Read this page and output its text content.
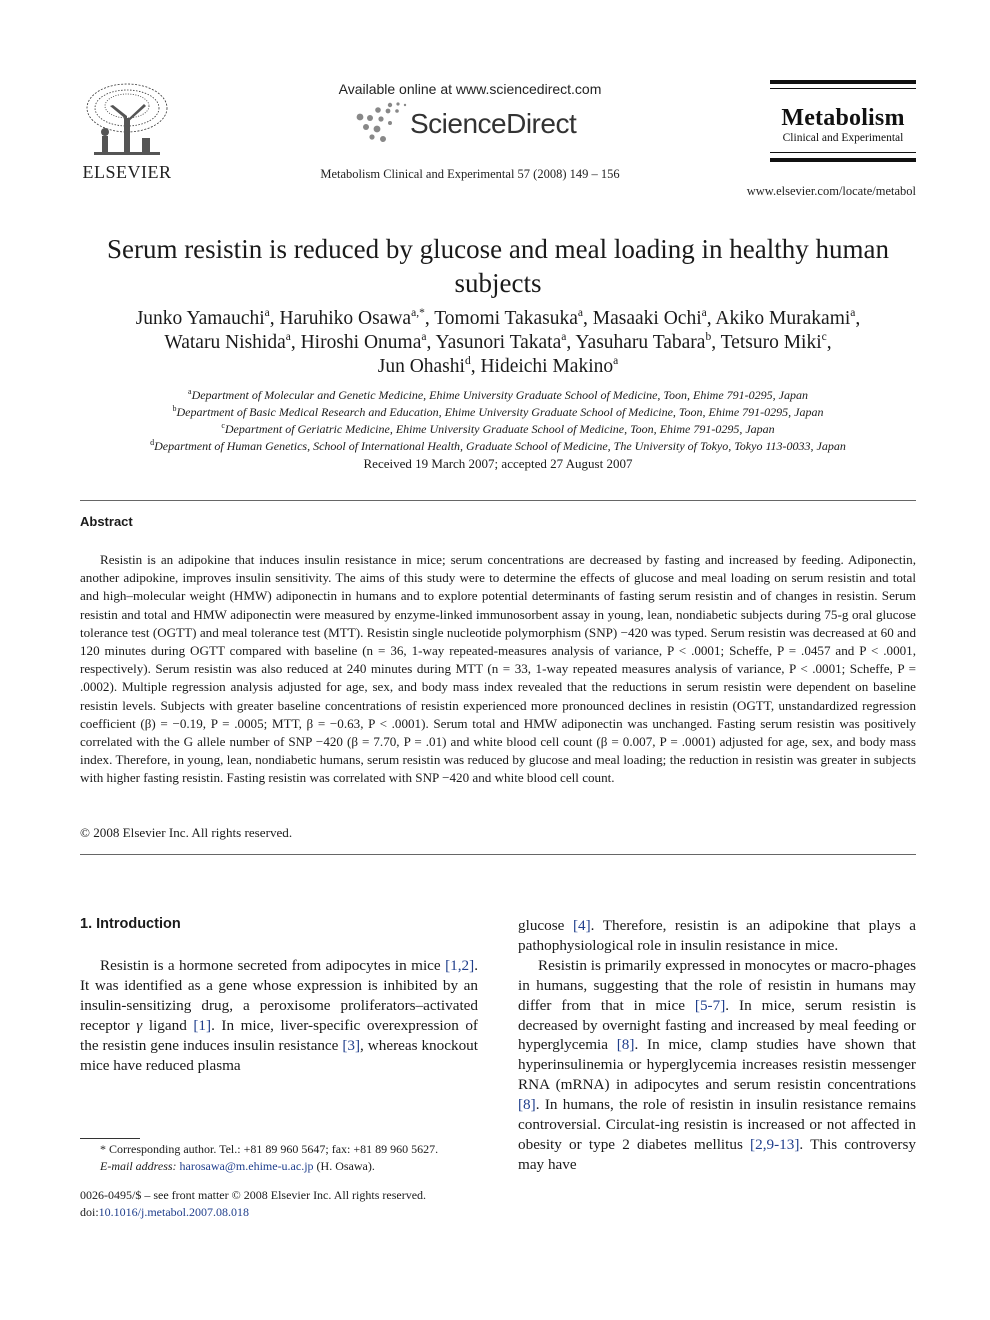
ELSEVIER
Available online at www.sciencedirect.com
ScienceDirect
Metabolism Clinical and Experimental 57 (2008) 149 – 156
Metabolism
Clinical and Experimental
www.elsevier.com/locate/metabol
Serum resistin is reduced by glucose and meal loading in healthy human
subjects
Junko Yamauchi$^a$, Haruhiko Osawa$^{a,*}$, Tomomi Takasuka$^a$, Masaaki Ochi$^a$, Akiko Murakami$^a$,
Wataru Nishida$^a$, Hiroshi Onuma$^a$, Yasunori Takata$^a$, Yasuharu Tabara$^b$, Tetsuro Miki$^c$,
Jun Ohashi$^d$, Hideichi Makino$^a$
$^a$Department of Molecular and Genetic Medicine, Ehime University Graduate School of Medicine, Toon, Ehime 791-0295, Japan
$^b$Department of Basic Medical Research and Education, Ehime University Graduate School of Medicine, Toon, Ehime 791-0295, Japan
$^c$Department of Geriatric Medicine, Ehime University Graduate School of Medicine, Toon, Ehime 791-0295, Japan
$^d$Department of Human Genetics, School of International Health, Graduate School of Medicine, The University of Tokyo, Tokyo 113-0033, Japan
Received 19 March 2007; accepted 27 August 2007
Abstract

Resistin is an adipokine that induces insulin resistance in mice; serum concentrations are decreased by fasting and increased by feeding. Adiponectin, another adipokine, improves insulin sensitivity. The aims of this study were to determine the effects of glucose and meal loading on serum resistin and total and high–molecular weight (HMW) adiponectin in humans and to explore potential determinants of fasting serum resistin and of changes in resistin. Serum resistin and total and HMW adiponectin were measured by enzyme-linked immunosorbent assay in young, lean, nondiabetic subjects during 75-g oral glucose tolerance test (OGTT) and meal tolerance test (MTT). Resistin single nucleotide polymorphism (SNP) −420 was typed. Serum resistin was decreased at 60 and 120 minutes during OGTT compared with baseline (n = 36, 1-way repeated-measures analysis of variance, P < .0001; Scheffe, P = .0457 and P < .0001, respectively). Serum resistin was also reduced at 240 minutes during MTT (n = 33, 1-way repeated measures analysis of variance, P < .0001; Scheffe, P = .0002). Multiple regression analysis adjusted for age, sex, and body mass index revealed that the reductions in serum resistin were dependent on baseline resistin levels. Subjects with greater baseline concentrations of resistin experienced more pronounced declines in resistin (OGTT, unstandardized regression coefficient (β) = −0.19, P = .0005; MTT, β = −0.63, P < .0001). Serum total and HMW adiponectin was unchanged. Fasting serum resistin was positively correlated with the G allele number of SNP −420 (β = 7.70, P = .01) and white blood cell count (β = 0.007, P = .0001) adjusted for age, sex, and body mass index. Therefore, in young, lean, nondiabetic humans, serum resistin was reduced by glucose and meal loading; the reduction in resistin was greater in subjects with higher fasting resistin. Fasting resistin was correlated with SNP −420 and white blood cell count.

© 2008 Elsevier Inc. All rights reserved.
1. Introduction

Resistin is a hormone secreted from adipocytes in mice [1,2]. It was identified as a gene whose expression is inhibited by an insulin-sensitizing drug, a peroxisome proliferators–activated receptor γ ligand [1]. In mice, liver-specific overexpression of the resistin gene induces insulin resistance [3], whereas knockout mice have reduced plasma

glucose [4]. Therefore, resistin is an adipokine that plays a pathophysiological role in insulin resistance in mice.

Resistin is primarily expressed in monocytes or macro-phages in humans, suggesting that the role of resistin in humans may differ from that in mice [5-7]. In mice, serum resistin is decreased by overnight fasting and increased by meal feeding or hyperglycemia [8]. In mice, clamp studies have shown that hyperinsulinemia or hyperglycemia increases resistin messenger RNA (mRNA) in adipocytes and serum resistin concentrations [8]. In humans, the role of resistin in insulin resistance remains controversial. Circulat-ing resistin is increased or not affected in obesity or type 2 diabetes mellitus [2,9-13]. This controversy may have

* Corresponding author. Tel.: +81 89 960 5647; fax: +81 89 960 5627.
E-mail address: harosawa@m.ehime-u.ac.jp (H. Osawa).
0026-0495/$ – see front matter © 2008 Elsevier Inc. All rights reserved.
doi:10.1016/j.metabol.2007.08.018
